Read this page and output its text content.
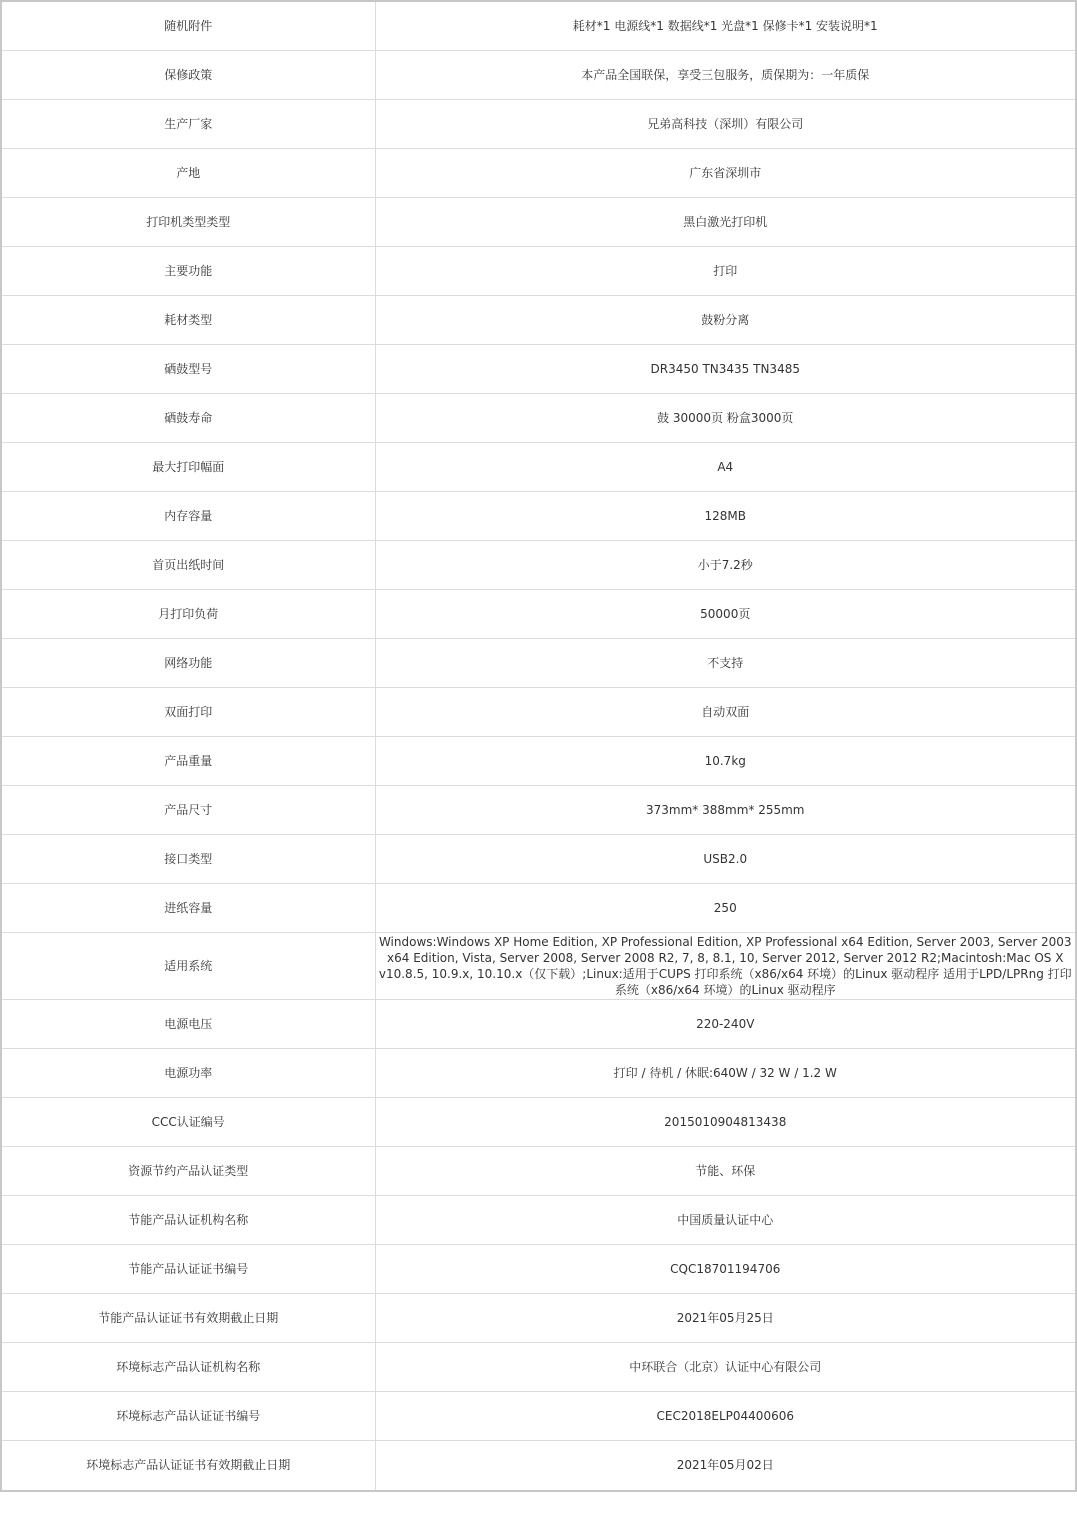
随机附件	耗材*1 电源线*1 数据线*1 光盘*1 保修卡*1 安装说明*1
保修政策	本产品全国联保，享受三包服务，质保期为：一年质保
生产厂家	兄弟高科技（深圳）有限公司
产地	广东省深圳市
打印机类型类型	黑白激光打印机
主要功能	打印
耗材类型	鼓粉分离
硒鼓型号	DR3450 TN3435 TN3485
硒鼓寿命	鼓 30000页 粉盒3000页
最大打印幅面	A4
内存容量	128MB
首页出纸时间	小于7.2秒
月打印负荷	50000页
网络功能	不支持
双面打印	自动双面
产品重量	10.7kg
产品尺寸	373mm* 388mm* 255mm
接口类型	USB2.0
进纸容量	250
适用系统	Windows:Windows XP Home Edition, XP Professional Edition, XP Professional x64 Edition, Server 2003, Server 2003 x64 Edition, Vista, Server 2008, Server 2008 R2, 7, 8, 8.1, 10, Server 2012, Server 2012 R2;Macintosh:Mac OS X v10.8.5, 10.9.x, 10.10.x（仅下载）;Linux:适用于CUPS 打印系统（x86/x64 环境）的Linux 驱动程序 适用于LPD/LPRng 打印系统（x86/x64 环境）的Linux 驱动程序
电源电压	220-240V
电源功率	打印 / 待机 / 休眠:640W / 32 W / 1.2 W
CCC认证编号	2015010904813438
资源节约产品认证类型	节能、环保
节能产品认证机构名称	中国质量认证中心
节能产品认证证书编号	CQC18701194706
节能产品认证证书有效期截止日期	2021年05月25日
环境标志产品认证机构名称	中环联合（北京）认证中心有限公司
环境标志产品认证证书编号	CEC2018ELP04400606
环境标志产品认证证书有效期截止日期	2021年05月02日
